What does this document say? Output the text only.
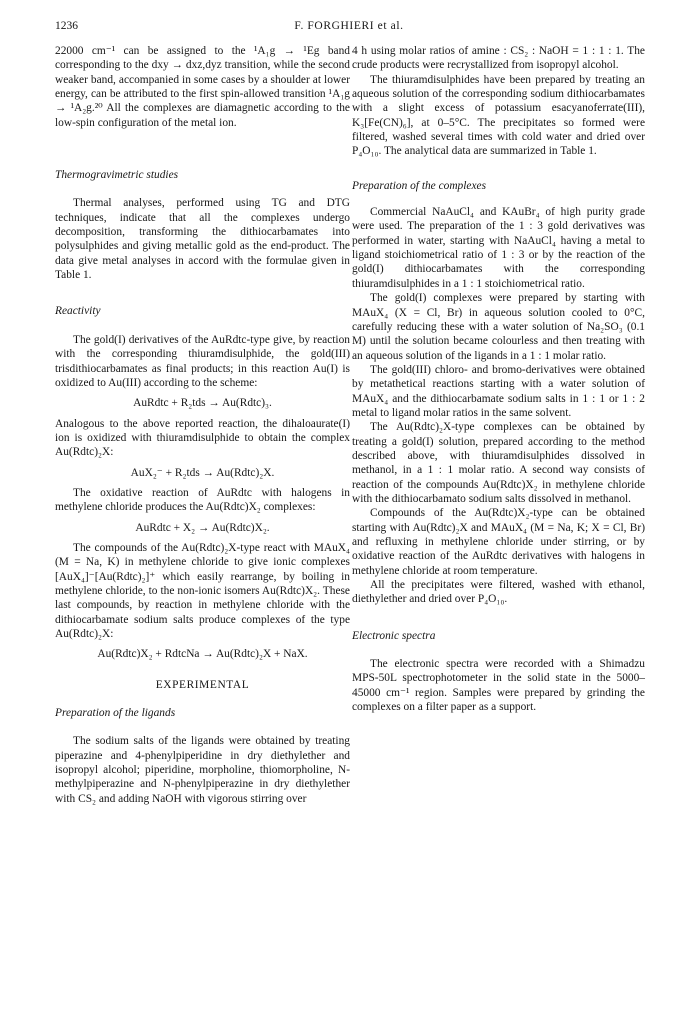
1236	F. FORGHIERI et al.

22000 cm⁻¹ can be assigned to the ¹A₁g → ¹Eg band corresponding to the dxy → dxz,dyz transition, while the second weaker band, accompanied in some cases by a shoulder at lower energy, can be attributed to the first spin-allowed transition ¹A₁g → ¹A₂g.²⁰ All the complexes are diamagnetic according to the low-spin configuration of the metal ion.

Thermogravimetric studies

Thermal analyses, performed using TG and DTG techniques, indicate that all the complexes undergo decomposition, transforming the dithiocarbamates into polysulphides and giving metallic gold as the end-product. The data give metal analyses in accord with the formulae given in Table 1.

Reactivity

The gold(I) derivatives of the AuRdtc-type give, by reaction with the corresponding thiuramdisulphide, the gold(III) trisdithiocarbamates as final products; in this reaction Au(I) is oxidized to Au(III) according to the scheme:

AuRdtc + R₂tds → Au(Rdtc)₃.

Analogous to the above reported reaction, the dihaloaurate(I) ion is oxidized with thiuramdisulphide to obtain the complex Au(Rdtc)₂X:

AuX₂⁻ + R₂tds → Au(Rdtc)₂X.

The oxidative reaction of AuRdtc with halogens in methylene chloride produces the Au(Rdtc)X₂ complexes:

AuRdtc + X₂ → Au(Rdtc)X₂.

The compounds of the Au(Rdtc)₂X-type react with MAuX₄ (M = Na, K) in methylene chloride to give ionic complexes [AuX₄]⁻[Au(Rdtc)₂]⁺ which easily rearrange, by boiling in methylene chloride, to the non-ionic isomers Au(Rdtc)X₂. These last compounds, by reaction in methylene chloride with the dithiocarbamate sodium salts produce complexes of the type Au(Rdtc)₂X:

Au(Rdtc)X₂ + RdtcNa → Au(Rdtc)₂X + NaX.

EXPERIMENTAL

Preparation of the ligands

The sodium salts of the ligands were obtained by treating piperazine and 4-phenylpiperidine in dry diethylether and isopropyl alcohol; piperidine, morpholine, thiomorpholine, N-methylpiperazine and N-phenylpiperazine in dry diethylether with CS₂ and adding NaOH with vigorous stirring over

4 h using molar ratios of amine : CS₂ : NaOH = 1 : 1 : 1. The crude products were recrystallized from isopropyl alcohol.

The thiuramdisulphides have been prepared by treating an aqueous solution of the corresponding sodium dithiocarbamates with a slight excess of potassium esacyanoferrate(III), K₃[Fe(CN)₆], at 0–5°C. The precipitates so formed were filtered, washed several times with cold water and dried over P₄O₁₀. The analytical data are summarized in Table 1.

Preparation of the complexes

Commercial NaAuCl₄ and KAuBr₄ of high purity grade were used. The preparation of the 1 : 3 gold derivatives was performed in water, starting with NaAuCl₄ having a metal to ligand stoichiometrical ratio of 1 : 3 or by the reaction of the gold(I) dithiocarbamates with the corresponding thiuramdisulphides in a 1 : 1 stoichiometrical ratio.

The gold(I) complexes were prepared by starting with MAuX₄ (X = Cl, Br) in aqueous solution cooled to 0°C, carefully reducing these with a water solution of Na₂SO₃ (0.1 M) until the solution became colourless and then treating with an aqueous solution of the ligands in a 1 : 1 molar ratio.

The gold(III) chloro- and bromo-derivatives were obtained by metathetical reactions starting with a water solution of MAuX₄ and the dithiocarbamate sodium salts in 1 : 1 or 1 : 2 metal to ligand molar ratios in the same solvent.

The Au(Rdtc)₂X-type complexes can be obtained by treating a gold(I) solution, prepared according to the method described above, with thiuramdisulphides dissolved in methanol, in a 1 : 1 molar ratio. A second way consists of reaction of the compounds Au(Rdtc)X₂ in methylene chloride with the dithiocarbamato sodium salts dissolved in methanol.

Compounds of the Au(Rdtc)X₂-type can be obtained starting with Au(Rdtc)₂X and MAuX₄ (M = Na, K; X = Cl, Br) and refluxing in methylene chloride under stirring, or by oxidative reaction of the AuRdtc derivatives with halogens in methylene chloride at room temperature.

All the precipitates were filtered, washed with ethanol, diethylether and dried over P₄O₁₀.

Electronic spectra

The electronic spectra were recorded with a Shimadzu MPS-50L spectrophotometer in the solid state in the 5000–45000 cm⁻¹ region. Samples were prepared by grinding the complexes on a filter paper as a support.
